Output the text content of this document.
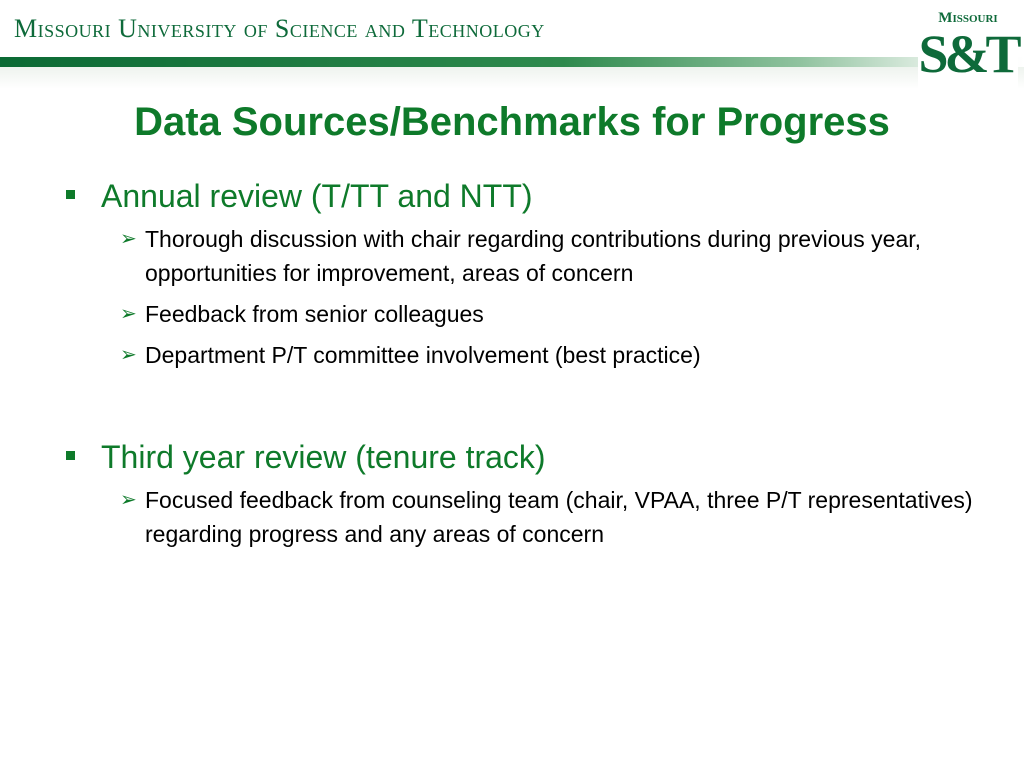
Missouri University of Science and Technology	Missouri
S&T
Data Sources/Benchmarks for Progress
Annual review (T/TT and NTT)
➢ Thorough discussion with chair regarding contributions during previous year, opportunities for improvement, areas of concern
➢ Feedback from senior colleagues
➢ Department P/T committee involvement (best practice)
Third year review (tenure track)
➢ Focused feedback from counseling team (chair, VPAA, three P/T representatives) regarding progress and any areas of concern
